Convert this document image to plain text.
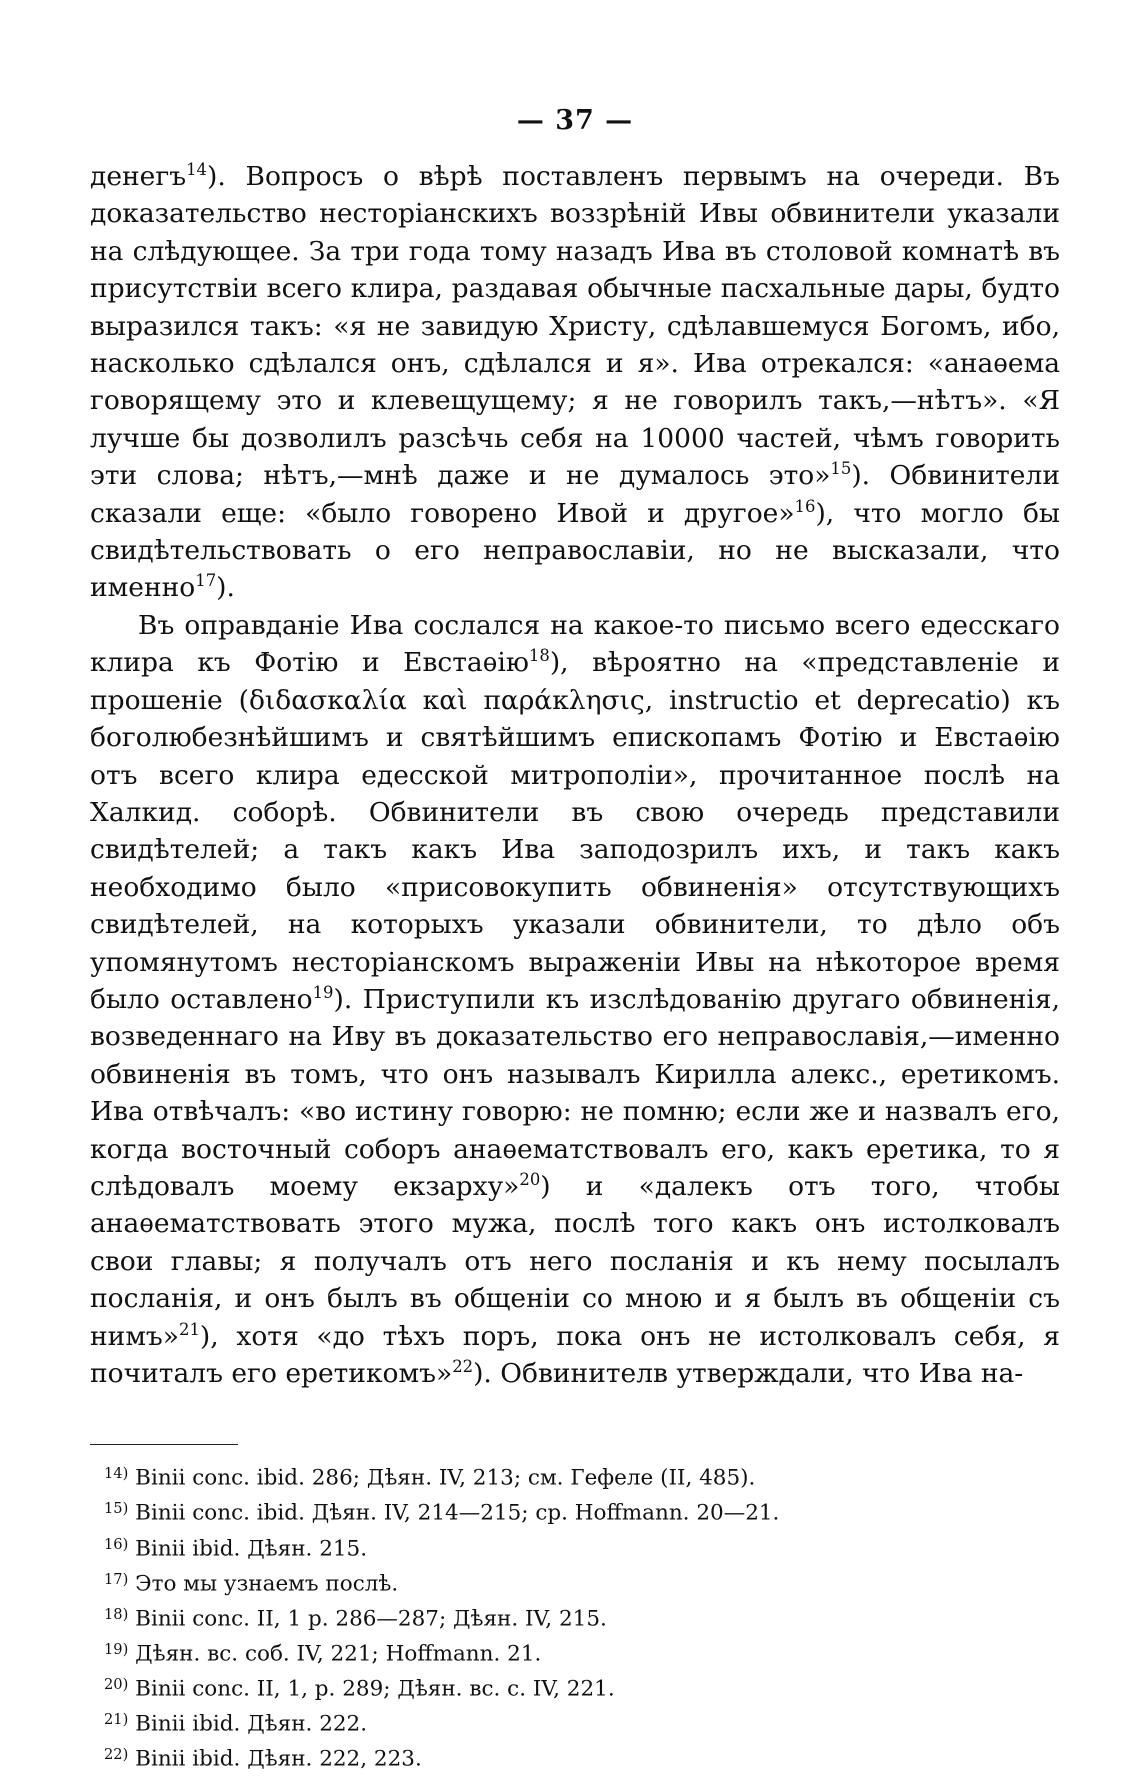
— 37 —

денегъ$^{14}$). Вопросъ о вѣрѣ поставленъ первымъ на очереди. Въ доказательство несторіанскихъ воззрѣній Ивы обвинители указали на слѣдующее. За три года тому назадъ Ива въ столовой комнатѣ въ присутствіи всего клира, раздавая обычные пасхальные дары, будто выразился такъ: «я не завидую Христу, сдѣлавшемуся Богомъ, ибо, насколько сдѣлался онъ, сдѣлался и я». Ива отрекался: «анаѳема говорящему это и клевещущему; я не говорилъ такъ,—нѣтъ». «Я лучше бы дозволилъ разсѣчь себя на 10000 частей, чѣмъ говорить эти слова; нѣтъ,—мнѣ даже и не думалось это»$^{15}$). Обвинители сказали еще: «было говорено Ивой и другое»$^{16}$), что могло бы свидѣтельствовать о его неправославіи, но не высказали, что именно$^{17}$).

Въ оправданіе Ива сослался на какое-то письмо всего едесскаго клира къ Фотію и Евстаѳію$^{18}$), вѣроятно на «представленіе и прошеніе (διδασκαλία καὶ παράκλησις, instructio et deprecatio) къ боголюбезнѣйшимъ и святѣйшимъ епископамъ Фотію и Евстаѳію отъ всего клира едесской митрополіи», прочитанное послѣ на Халкид. соборѣ. Обвинители въ свою очередь представили свидѣтелей; а такъ какъ Ива заподозрилъ ихъ, и такъ какъ необходимо было «присовокупить обвиненія» отсутствующихъ свидѣтелей, на которыхъ указали обвинители, то дѣло объ упомянутомъ несторіанскомъ выраженіи Ивы на нѣкоторое время было оставлено$^{19}$). Приступили къ изслѣдованію другаго обвиненія, возведеннаго на Иву въ доказательство его неправославія,—именно обвиненія въ томъ, что онъ называлъ Кирилла алекс., еретикомъ. Ива отвѣчалъ: «во истину говорю: не помню; если же и назвалъ его, когда восточный соборъ анаѳематствовалъ его, какъ еретика, то я слѣдовалъ моему екзарху»$^{20}$) и «далекъ отъ того, чтобы анаѳематствовать этого мужа, послѣ того какъ онъ истолковалъ свои главы; я получалъ отъ него посланія и къ нему посылалъ посланія, и онъ былъ въ общеніи со мною и я былъ въ общеніи съ нимъ»$^{21}$), хотя «до тѣхъ поръ, пока онъ не истолковалъ себя, я почиталъ его еретикомъ»$^{22}$). Обвинителв утверждали, что Ива на-

$^{14)}$ Binii conc. ibid. 286; Дѣян. IV, 213; см. Гефеле (II, 485).
$^{15)}$ Binii conc. ibid. Дѣян. IV, 214—215; ср. Hoffmann. 20—21.
$^{16)}$ Binii ibid. Дѣян. 215.
$^{17)}$ Это мы узнаемъ послѣ.
$^{18)}$ Binii conc. II, 1 p. 286—287; Дѣян. IV, 215.
$^{19)}$ Дѣян. вс. соб. IV, 221; Hoffmann. 21.
$^{20)}$ Binii conc. II, 1, p. 289; Дѣян. вс. с. IV, 221.
$^{21)}$ Binii ibid. Дѣян. 222.
$^{22)}$ Binii ibid. Дѣян. 222, 223.
